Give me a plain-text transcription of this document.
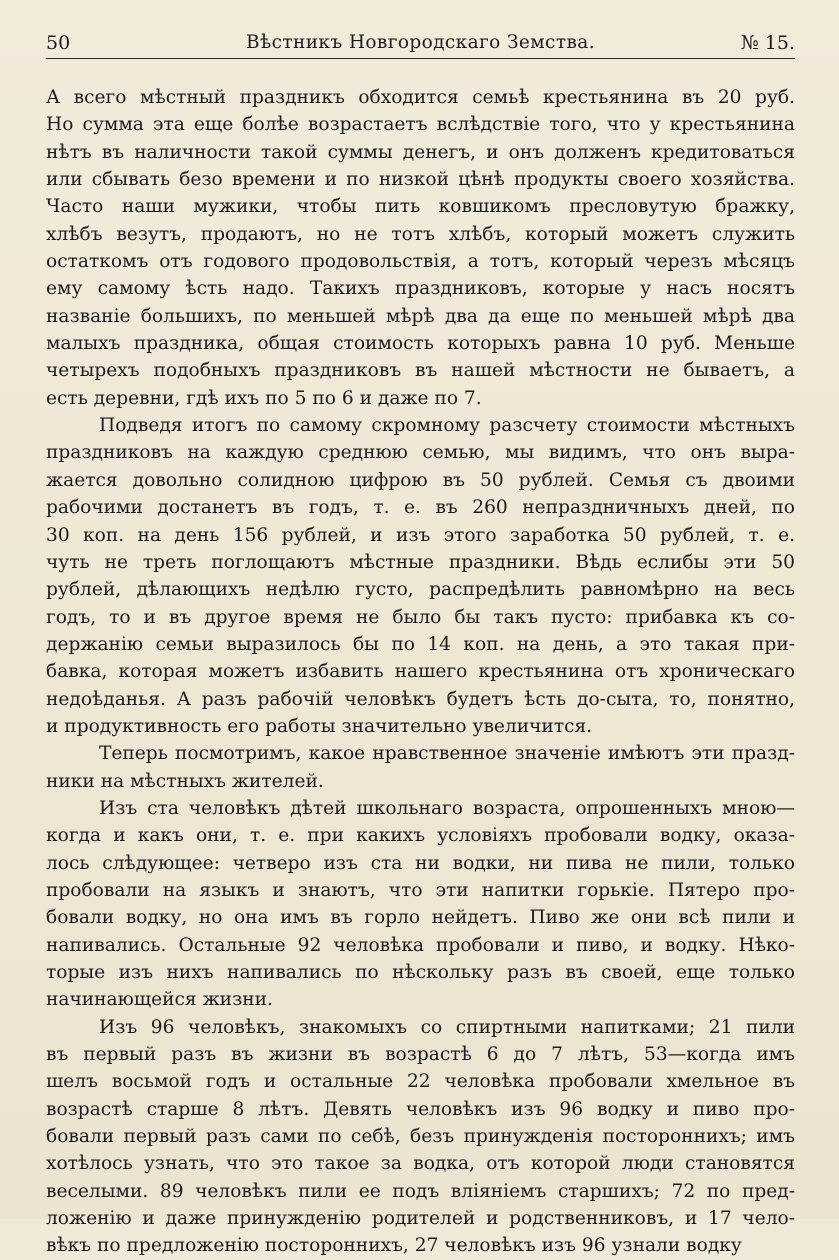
50	Вѣстникъ Новгородскаго Земства.	№ 15.
А всего мѣстный праздникъ обходится семьѣ крестьянина въ 20 руб.
Но сумма эта еще болѣе возрастаетъ вслѣдствіе того, что у крестьянина
нѣтъ въ наличности такой суммы денегъ, и онъ долженъ кредитоваться
или сбывать безо времени и по низкой цѣнѣ продукты своего хозяйства.
Часто наши мужики, чтобы пить ковшикомъ пресловутую бражку,
хлѣбъ везутъ, продаютъ, но не тотъ хлѣбъ, который можетъ служить
остаткомъ отъ годового продовольствія, а тотъ, который черезъ мѣсяцъ
ему самому ѣсть надо. Такихъ праздниковъ, которые у насъ носятъ
названіе большихъ, по меньшей мѣрѣ два да еще по меньшей мѣрѣ два
малыхъ праздника, общая стоимость которыхъ равна 10 руб. Меньше
четырехъ подобныхъ праздниковъ въ нашей мѣстности не бываетъ, а
есть деревни, гдѣ ихъ по 5 по 6 и даже по 7.
Подведя итогъ по самому скромному разсчету стоимости мѣстныхъ
праздниковъ на каждую среднюю семью, мы видимъ, что онъ выра-
жается довольно солидною цифрою въ 50 рублей. Семья съ двоими
рабочими достанетъ въ годъ, т. е. въ 260 непраздничныхъ дней, по
30 коп. на день 156 рублей, и изъ этого заработка 50 рублей, т. е.
чуть не треть поглощаютъ мѣстные праздники. Вѣдь еслибы эти 50
рублей, дѣлающихъ недѣлю густо, распредѣлить равномѣрно на весь
годъ, то и въ другое время не было бы такъ пусто: прибавка къ со-
держанію семьи выразилось бы по 14 коп. на день, а это такая при-
бавка, которая можетъ избавить нашего крестьянина отъ хроническаго
недоѣданья. А разъ рабочій человѣкъ будетъ ѣсть до-сыта, то, понятно,
и продуктивность его работы значительно увеличится.
Теперь посмотримъ, какое нравственное значеніе имѣютъ эти празд-
ники на мѣстныхъ жителей.
Изъ ста человѣкъ дѣтей школьнаго возраста, опрошенныхъ мною—
когда и какъ они, т. е. при какихъ условіяхъ пробовали водку, оказа-
лось слѣдующее: четверо изъ ста ни водки, ни пива не пили, только
пробовали на языкъ и знаютъ, что эти напитки горькіе. Пятеро про-
бовали водку, но она имъ въ горло нейдетъ. Пиво же они всѣ пили и
напивались. Остальные 92 человѣка пробовали и пиво, и водку. Нѣко-
торые изъ нихъ напивались по нѣскольку разъ въ своей, еще только
начинающейся жизни.
Изъ 96 человѣкъ, знакомыхъ со спиртными напитками; 21 пили
въ первый разъ въ жизни въ возрастѣ 6 до 7 лѣтъ, 53—когда имъ
шелъ восьмой годъ и остальные 22 человѣка пробовали хмельное въ
возрастѣ старше 8 лѣтъ. Девять человѣкъ изъ 96 водку и пиво про-
бовали первый разъ сами по себѣ, безъ принужденія постороннихъ; имъ
хотѣлось узнать, что это такое за водка, отъ которой люди становятся
веселыми. 89 человѣкъ пили ее подъ вліяніемъ старшихъ; 72 по пред-
ложенію и даже принужденію родителей и родственниковъ, и 17 чело-
вѣкъ по предложенію постороннихъ, 27 человѣкъ изъ 96 узнали водку
